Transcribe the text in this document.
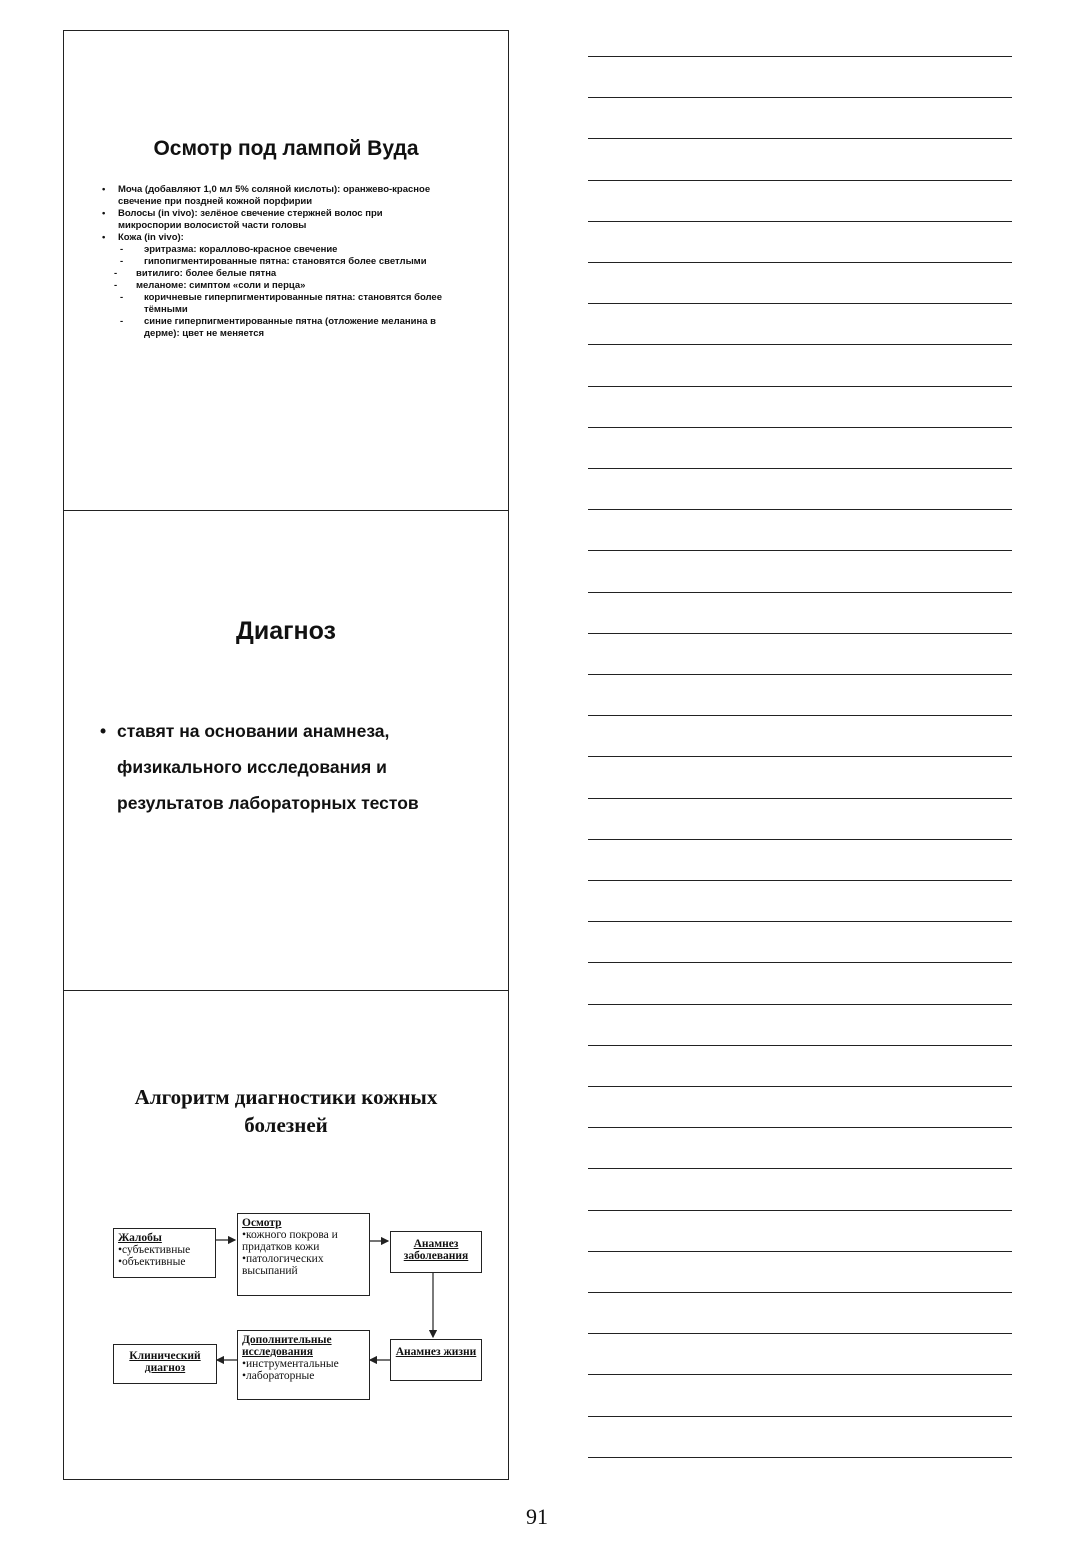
Осмотр под лампой Вуда
• Моча (добавляют 1,0 мл 5% соляной кислоты): оранжево-красное свечение при поздней кожной порфирии
• Волосы (in vivo): зелёное свечение стержней волос при микроспории волосистой части головы
• Кожа (in vivo):
- эритразма: кораллово-красное свечение
- гипопигментированные пятна: становятся более светлыми
- витилиго: более белые пятна
- меланоме: симптом «соли и перца»
- коричневые гиперпигментированные пятна: становятся более тёмными
- синие гиперпигментированные пятна (отложение меланина в дерме): цвет не меняется
Диагноз
• ставят на основании анамнеза,
физикального исследования и
результатов лабораторных тестов
Алгоритм диагностики кожных болезней
Жалобы
•субъективные
•объективные
Осмотр
•кожного покрова и придатков кожи
•патологических высыпаний
Анамнез заболевания
Анамнез жизни
Дополнительные исследования
•инструментальные
•лабораторные
Клинический диагноз
91
